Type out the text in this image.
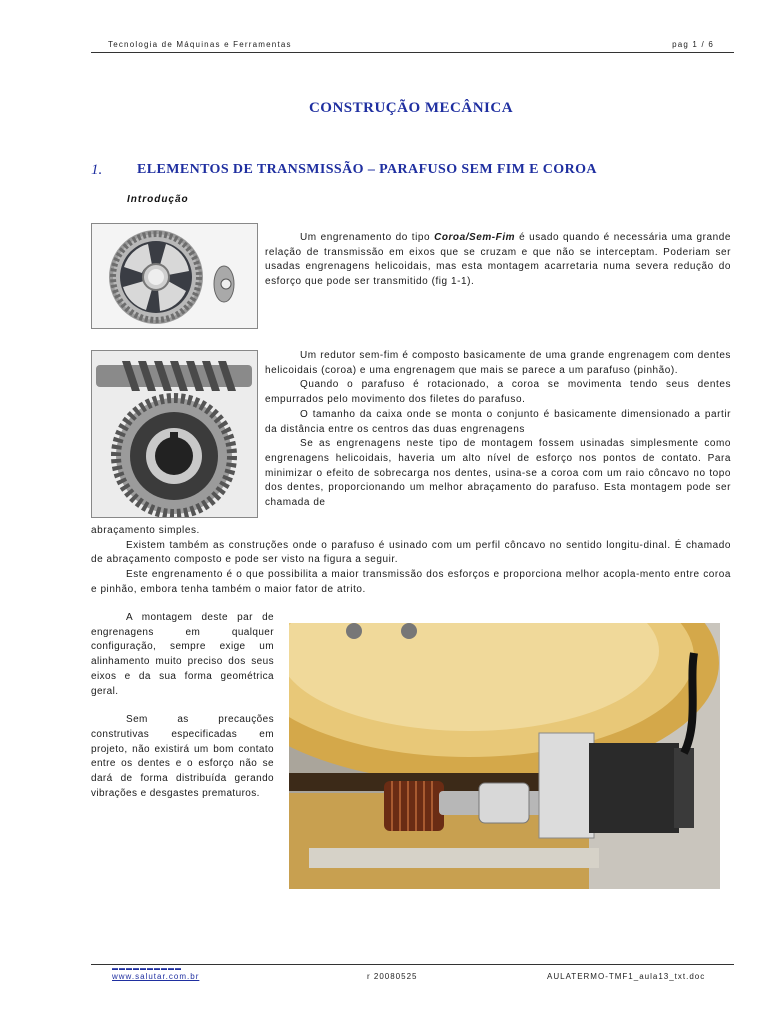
Tecnologia de Máquinas e Ferramentas	pag 1 / 6
CONSTRUÇÃO MECÂNICA
1. ELEMENTOS DE TRANSMISSÃO – PARAFUSO SEM FIM E COROA
Introdução

Um engrenamento do tipo Coroa/Sem-Fim é usado quando é necessária uma grande relação de transmissão em eixos que se cruzam e que não se interceptam. Poderiam ser usadas engrenagens helicoidais, mas esta montagem acarretaria numa severa redução do esforço que pode ser transmitido (fig 1-1).

Um redutor sem-fim é composto basicamente de uma grande engrenagem com dentes helicoidais (coroa) e uma engrenagem que mais se parece a um parafuso (pinhão).

Quando o parafuso é rotacionado, a coroa se movimenta tendo seus dentes empurrados pelo movimento dos filetes do parafuso.

O tamanho da caixa onde se monta o conjunto é basicamente dimensionado a partir da distância entre os centros das duas engrenagens

Se as engrenagens neste tipo de montagem fossem usinadas simplesmente como engrenagens helicoidais, haveria um alto nível de esforço nos pontos de contato. Para minimizar o efeito de sobrecarga nos dentes, usina-se a coroa com um raio côncavo no topo dos dentes, proporcionando um melhor abraçamento do parafuso. Esta montagem pode ser chamada de

abraçamento simples.

Existem também as construções onde o parafuso é usinado com um perfil côncavo no sentido longitu-dinal. É chamado de abraçamento composto e pode ser visto na figura a seguir.

Este engrenamento é o que possibilita a maior transmissão dos esforços e proporciona melhor acopla-mento entre coroa e pinhão, embora tenha também o maior fator de atrito.

A montagem deste par de engrenagens em qualquer configuração, sempre exige um alinhamento muito preciso dos seus eixos e da sua forma geométrica geral.

Sem as precauções construtivas especificadas em projeto, não existirá um bom contato entre os dentes e o esforço não se dará de forma distribuída gerando vibrações e desgastes prematuros.

▬▬▬▬▬▬▬▬▬▬
www.salutar.com.br	r 20080525	AULATERMO-TMF1_aula13_txt.doc
